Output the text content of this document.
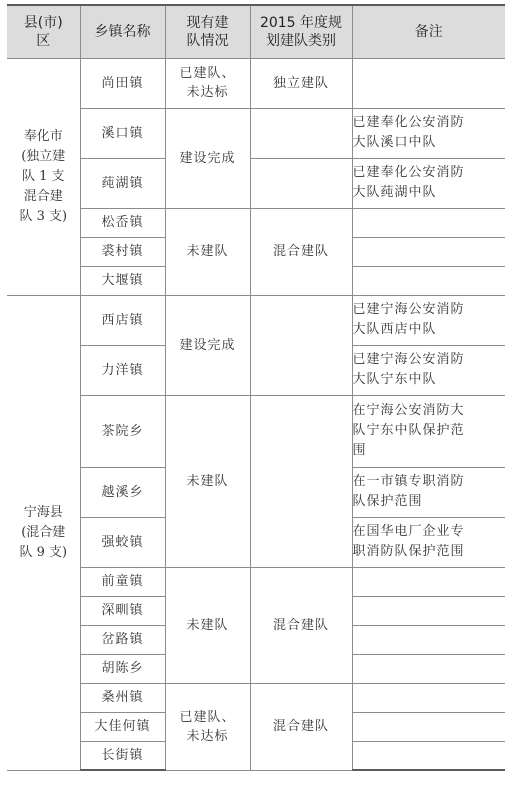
县(市)
区	乡镇名称	现有建
队情况	2015 年度规
划建队类别	备注

奉化市
(独立建
队 1 支
混合建
队 3 支)	尚田镇	已建队、
未达标	独立建队	

	溪口镇	建设完成		已建奉化公安消防
大队溪口中队

	莼湖镇			已建奉化公安消防
大队莼湖中队

	松岙镇	未建队	混合建队	

	裘村镇			

	大堰镇			

宁海县
(混合建
队 9 支)	西店镇	建设完成		已建宁海公安消防
大队西店中队

	力洋镇			已建宁海公安消防
大队宁东中队

	茶院乡	未建队		在宁海公安消防大
队宁东中队保护范
围

	越溪乡			在一市镇专职消防
队保护范围

	强蛟镇			在国华电厂企业专
职消防队保护范围

	前童镇	未建队	混合建队	

	深甽镇			

	岔路镇			

	胡陈乡			

	桑州镇	已建队、
未达标	混合建队	

	大佳何镇			

	长街镇			
